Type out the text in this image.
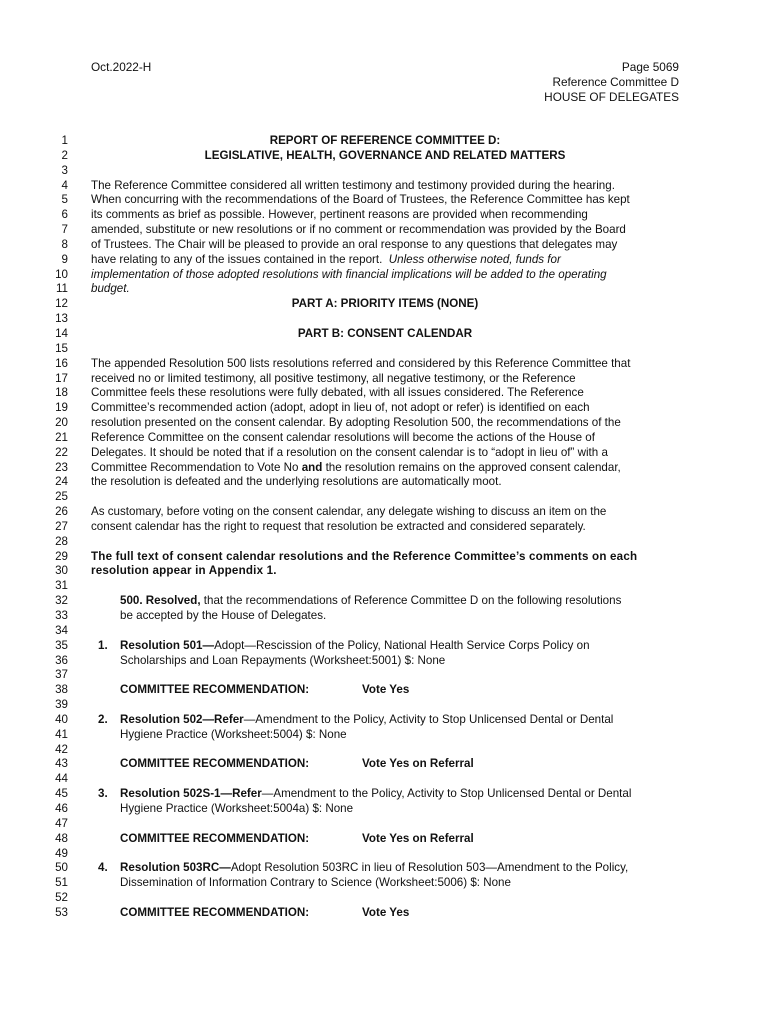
Oct.2022-H	Page 5069
Reference Committee D
HOUSE OF DELEGATES
1	REPORT OF REFERENCE COMMITTEE D:
2	LEGISLATIVE, HEALTH, GOVERNANCE AND RELATED MATTERS
3
4 The Reference Committee considered all written testimony and testimony provided during the hearing.
5 When concurring with the recommendations of the Board of Trustees, the Reference Committee has kept
6 its comments as brief as possible. However, pertinent reasons are provided when recommending
7 amended, substitute or new resolutions or if no comment or recommendation was provided by the Board
8 of Trustees. The Chair will be pleased to provide an oral response to any questions that delegates may
9 have relating to any of the issues contained in the report.  Unless otherwise noted, funds for
10 implementation of those adopted resolutions with financial implications will be added to the operating
11 budget.
12	PART A: PRIORITY ITEMS (NONE)
13
14	PART B: CONSENT CALENDAR
15
16 The appended Resolution 500 lists resolutions referred and considered by this Reference Committee that
17 received no or limited testimony, all positive testimony, all negative testimony, or the Reference
18 Committee feels these resolutions were fully debated, with all issues considered. The Reference
19 Committee’s recommended action (adopt, adopt in lieu of, not adopt or refer) is identified on each
20 resolution presented on the consent calendar. By adopting Resolution 500, the recommendations of the
21 Reference Committee on the consent calendar resolutions will become the actions of the House of
22 Delegates. It should be noted that if a resolution on the consent calendar is to “adopt in lieu of” with a
23 Committee Recommendation to Vote No and the resolution remains on the approved consent calendar,
24 the resolution is defeated and the underlying resolutions are automatically moot.
25
26 As customary, before voting on the consent calendar, any delegate wishing to discuss an item on the
27 consent calendar has the right to request that resolution be extracted and considered separately.
28
29 The full text of consent calendar resolutions and the Reference Committee’s comments on each
30 resolution appear in Appendix 1.
31
32	500. Resolved, that the recommendations of Reference Committee D on the following resolutions
33	be accepted by the House of Delegates.
34
35	1. Resolution 501—Adopt—Rescission of the Policy, National Health Service Corps Policy on
36	Scholarships and Loan Repayments (Worksheet:5001) $: None
37
38	COMMITTEE RECOMMENDATION:	Vote Yes
39
40	2. Resolution 502—Refer—Amendment to the Policy, Activity to Stop Unlicensed Dental or Dental
41	Hygiene Practice (Worksheet:5004) $: None
42
43	COMMITTEE RECOMMENDATION:	Vote Yes on Referral
44
45	3. Resolution 502S-1—Refer—Amendment to the Policy, Activity to Stop Unlicensed Dental or Dental
46	Hygiene Practice (Worksheet:5004a) $: None
47
48	COMMITTEE RECOMMENDATION:	Vote Yes on Referral
49
50	4. Resolution 503RC—Adopt Resolution 503RC in lieu of Resolution 503—Amendment to the Policy,
51	Dissemination of Information Contrary to Science (Worksheet:5006) $: None
52
53	COMMITTEE RECOMMENDATION:	Vote Yes
